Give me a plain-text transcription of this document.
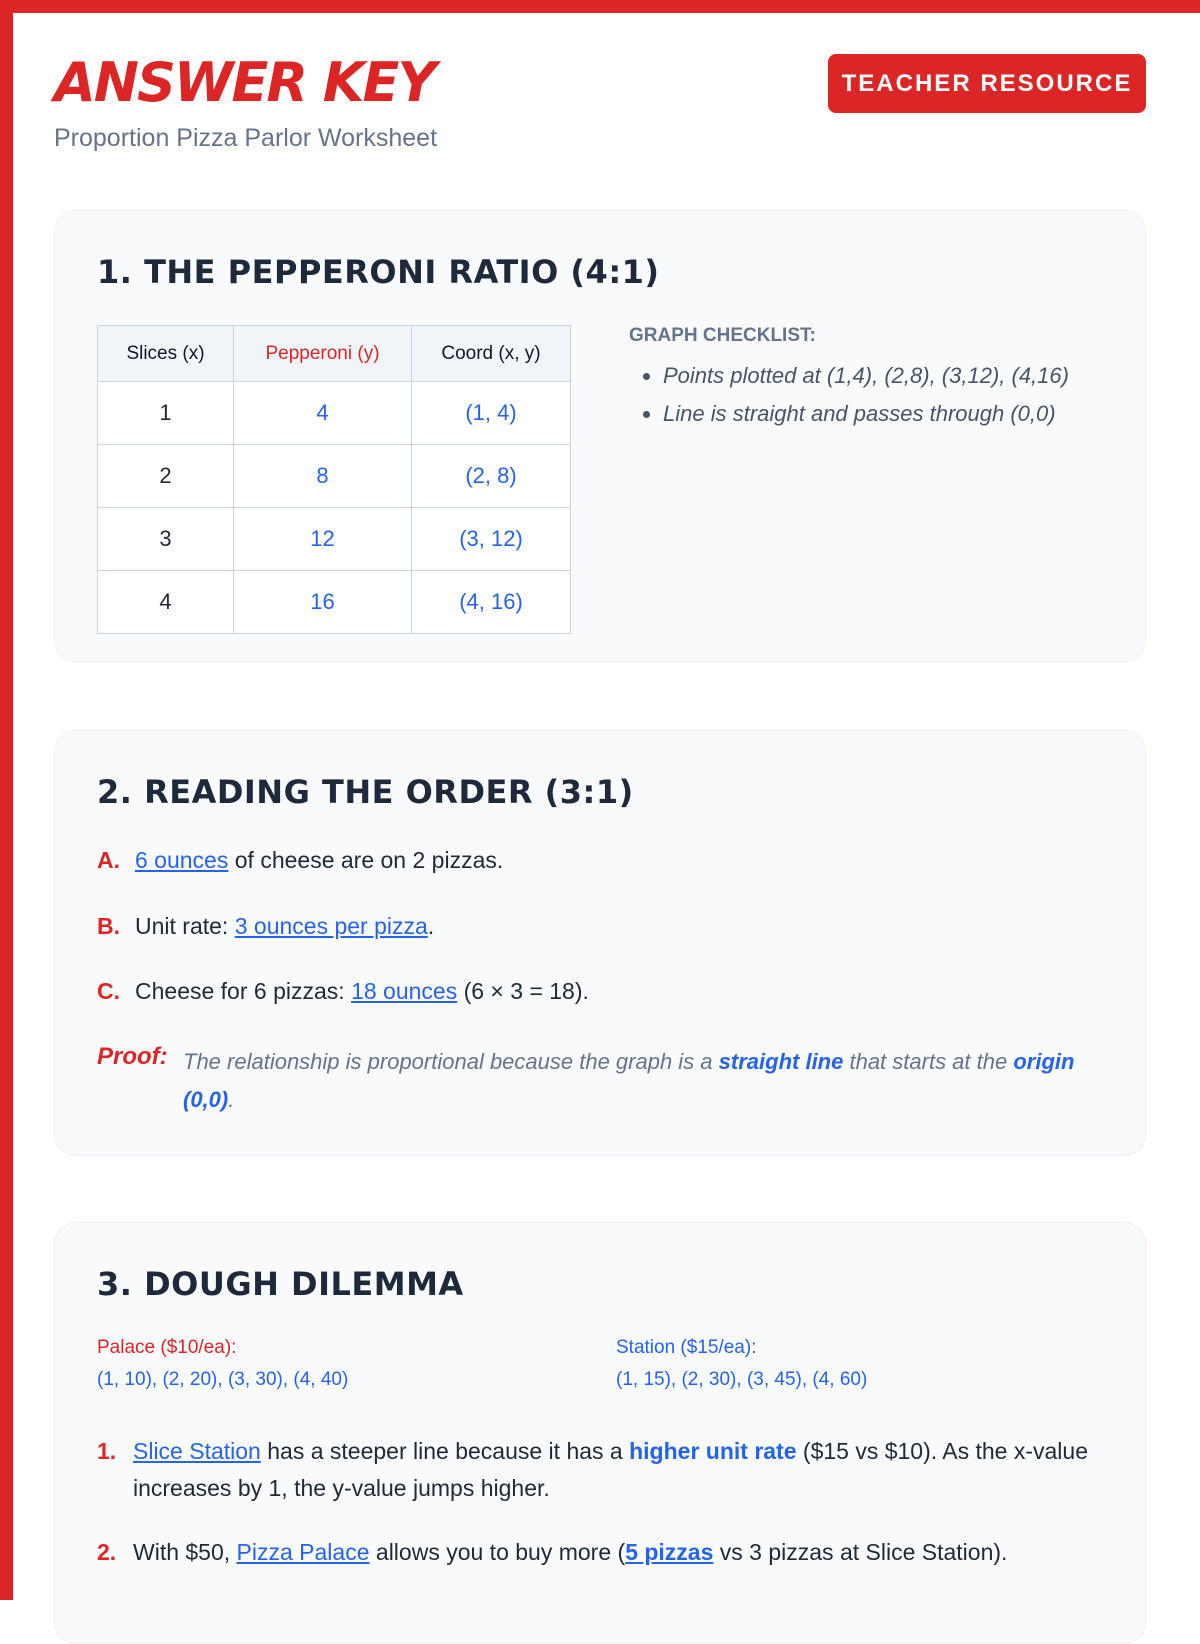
ANSWER KEY
Proportion Pizza Parlor Worksheet
TEACHER RESOURCE
1. THE PEPPERONI RATIO (4:1)
Slices (x)	Pepperoni (y)	Coord (x, y)
1	4	(1, 4)
2	8	(2, 8)
3	12	(3, 12)
4	16	(4, 16)
GRAPH CHECKLIST:
• Points plotted at (1,4), (2,8), (3,12), (4,16)
• Line is straight and passes through (0,0)
2. READING THE ORDER (3:1)
A. 6 ounces of cheese are on 2 pizzas.
B. Unit rate: 3 ounces per pizza.
C. Cheese for 6 pizzas: 18 ounces (6 × 3 = 18).
Proof: The relationship is proportional because the graph is a straight line that starts at the origin (0,0).
3. DOUGH DILEMMA
Palace ($10/ea):
(1, 10), (2, 20), (3, 30), (4, 40)
Station ($15/ea):
(1, 15), (2, 30), (3, 45), (4, 60)
1. Slice Station has a steeper line because it has a higher unit rate ($15 vs $10). As the x-value increases by 1, the y-value jumps higher.
2. With $50, Pizza Palace allows you to buy more (5 pizzas vs 3 pizzas at Slice Station).
